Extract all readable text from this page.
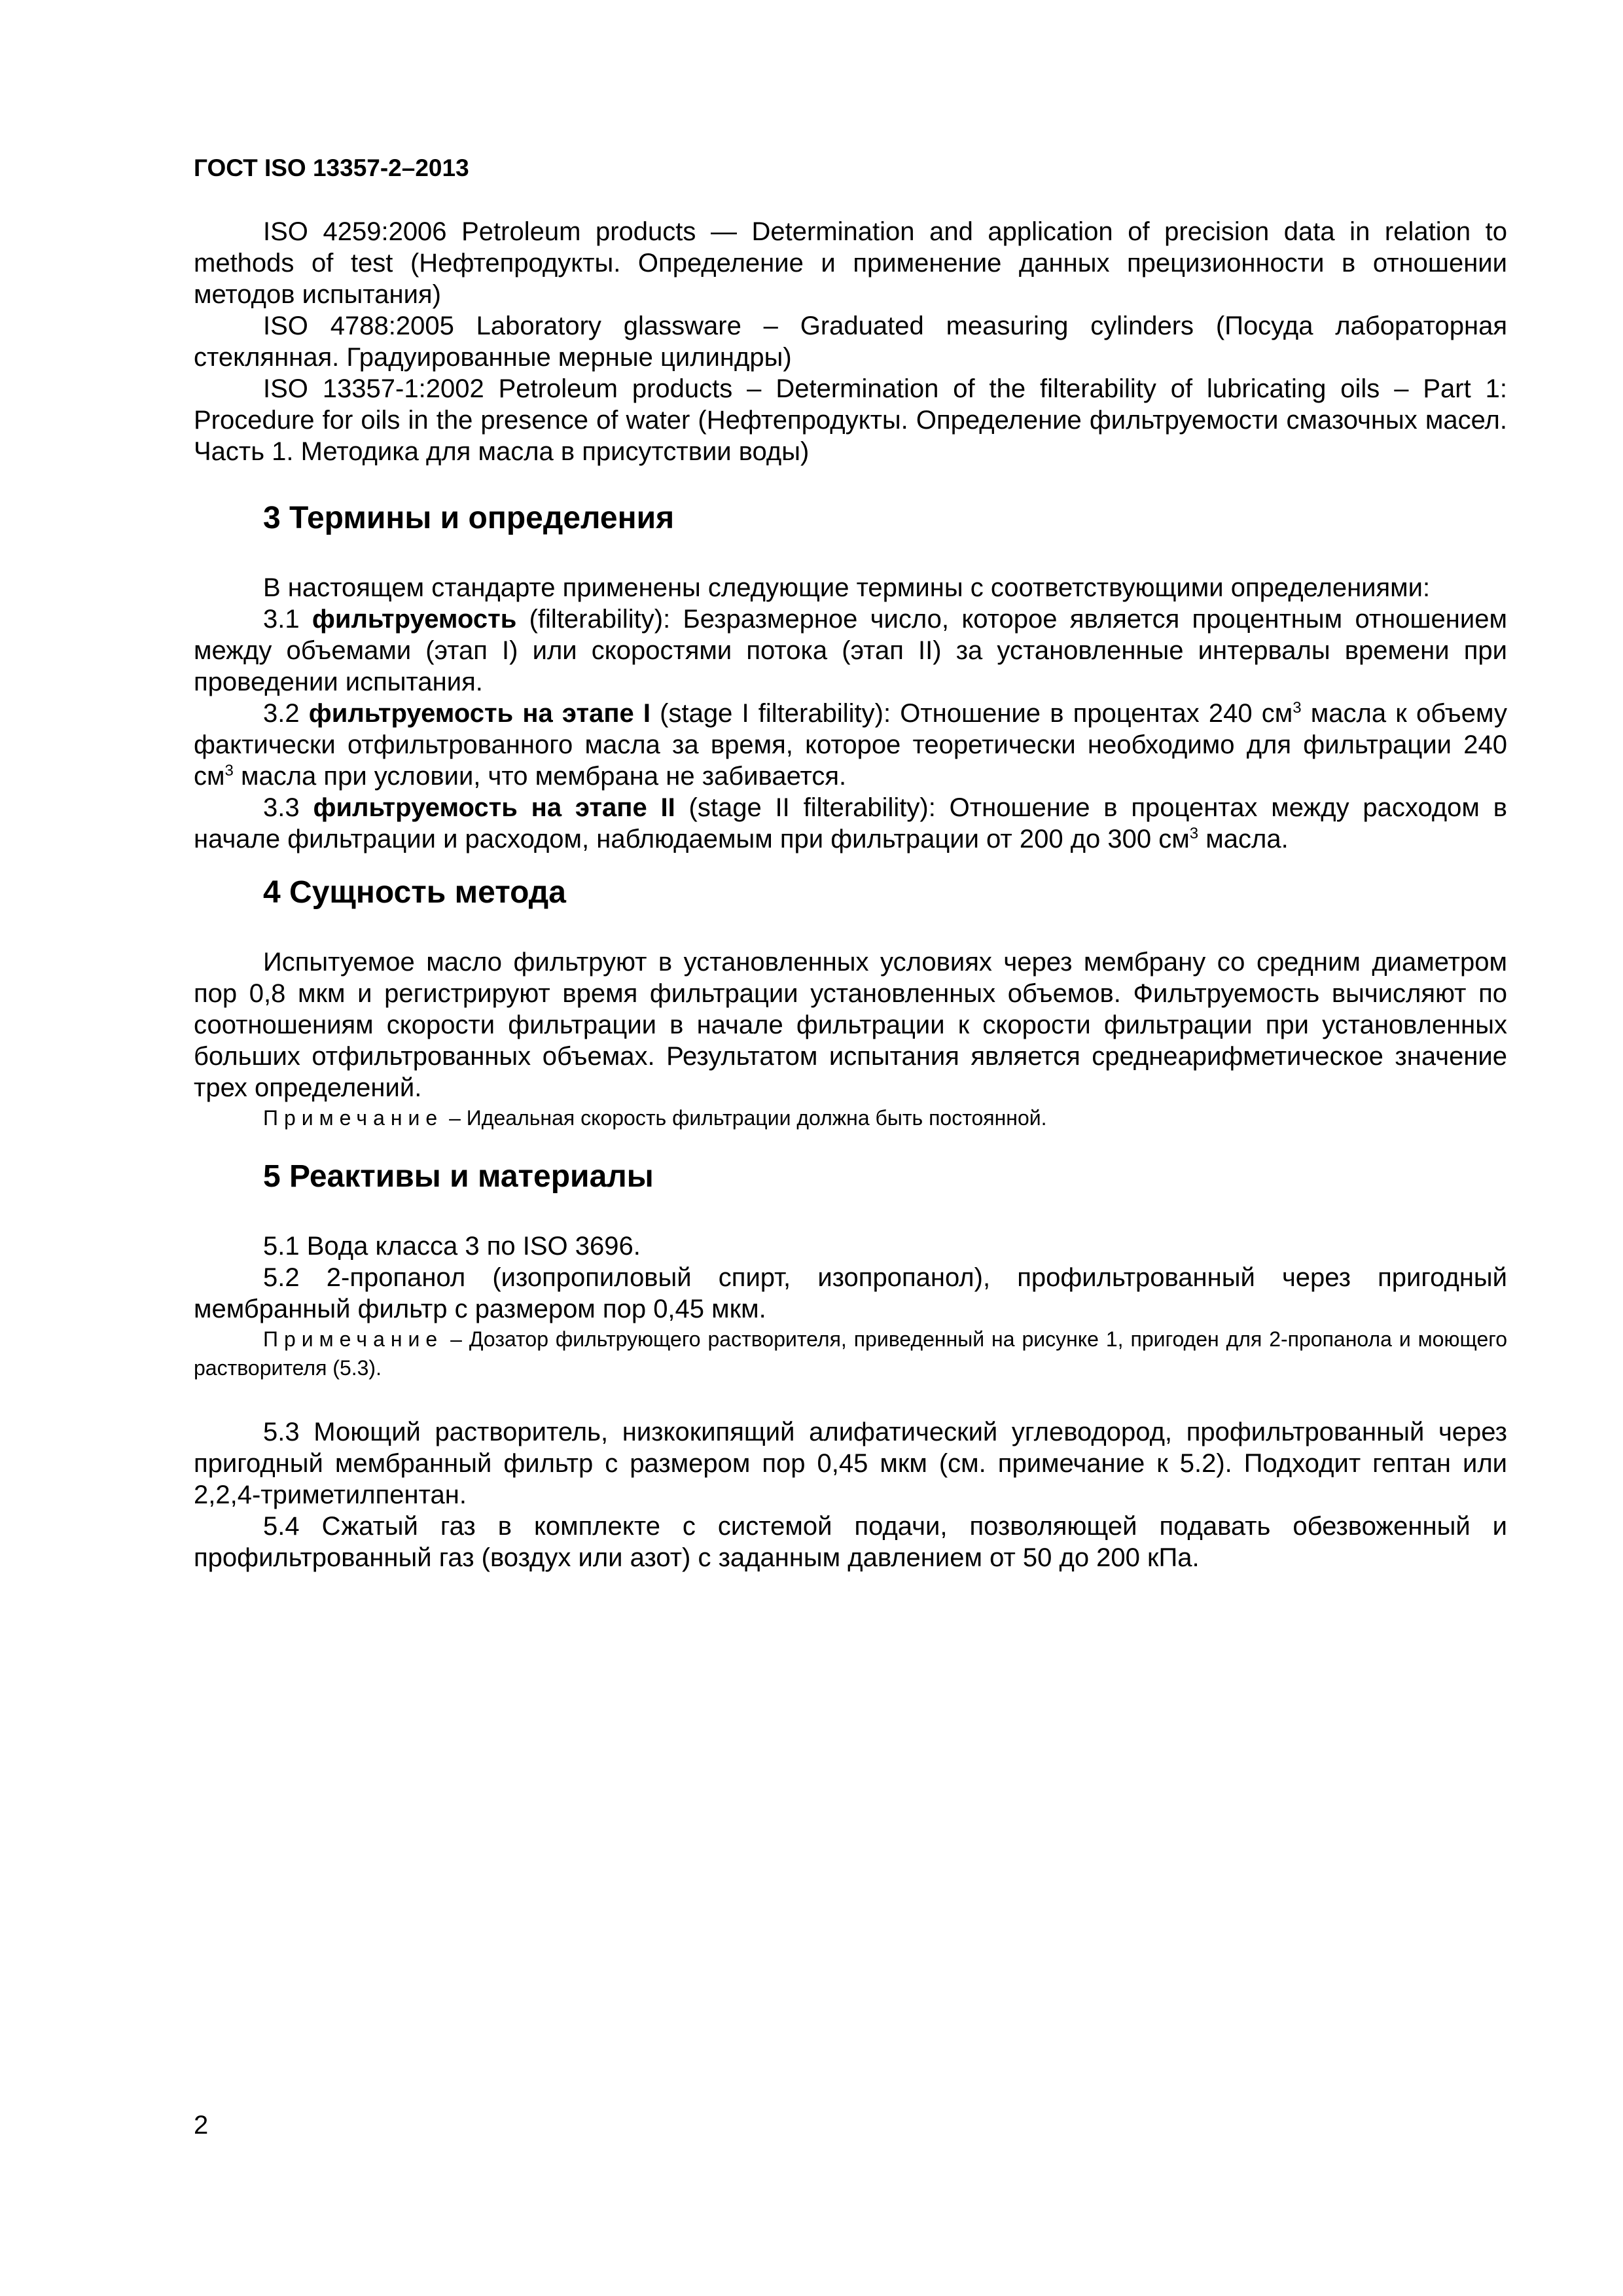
ГОСТ ISO 13357-2–2013

ISO 4259:2006 Petroleum products — Determination and application of precision data in relation to methods of test (Нефтепродукты. Определение и применение данных прецизионности в отношении методов испытания)

ISO 4788:2005 Laboratory glassware – Graduated measuring cylinders (Посуда лабораторная стеклянная. Градуированные мерные цилиндры)

ISO 13357-1:2002 Petroleum products – Determination of the filterability of lubricating oils – Part 1: Procedure for oils in the presence of water (Нефтепродукты. Определение фильтруемости смазочных масел. Часть 1. Методика для масла в присутствии воды)

3 Термины и определения

В настоящем стандарте применены следующие термины с соответствующими определениями:

3.1 фильтруемость (filterability): Безразмерное число, которое является процентным отношением между объемами (этап I) или скоростями потока (этап II) за установленные интервалы времени при проведении испытания.

3.2 фильтруемость на этапе I (stage I filterability): Отношение в процентах 240 $см^3$ масла к объему фактически отфильтрованного масла за время, которое теоретически необходимо для фильтрации 240 $см^3$ масла при условии, что мембрана не забивается.

3.3 фильтруемость на этапе II (stage II filterability): Отношение в процентах между расходом в начале фильтрации и расходом, наблюдаемым при фильтрации от 200 до 300 $см^3$ масла.

4 Сущность метода

Испытуемое масло фильтруют в установленных условиях через мембрану со средним диаметром пор 0,8 мкм и регистрируют время фильтрации установленных объемов. Фильтруемость вычисляют по соотношениям скорости фильтрации в начале фильтрации к скорости фильтрации при установленных больших отфильтрованных объемах. Результатом испытания является среднеарифметическое значение трех определений.

Примечание – Идеальная скорость фильтрации должна быть постоянной.

5 Реактивы и материалы

5.1 Вода класса 3 по ISO 3696.

5.2 2-пропанол (изопропиловый спирт, изопропанол), профильтрованный через пригодный мембранный фильтр с размером пор 0,45 мкм.

Примечание – Дозатор фильтрующего растворителя, приведенный на рисунке 1, пригоден для 2-пропанола и моющего растворителя (5.3).

5.3 Моющий растворитель, низкокипящий алифатический углеводород, профильтрованный через пригодный мембранный фильтр с размером пор 0,45 мкм (см. примечание к 5.2). Подходит гептан или 2,2,4-триметилпентан.

5.4 Сжатый газ в комплекте с системой подачи, позволяющей подавать обезвоженный и профильтрованный газ (воздух или азот) с заданным давлением от 50 до 200 кПа.

2
